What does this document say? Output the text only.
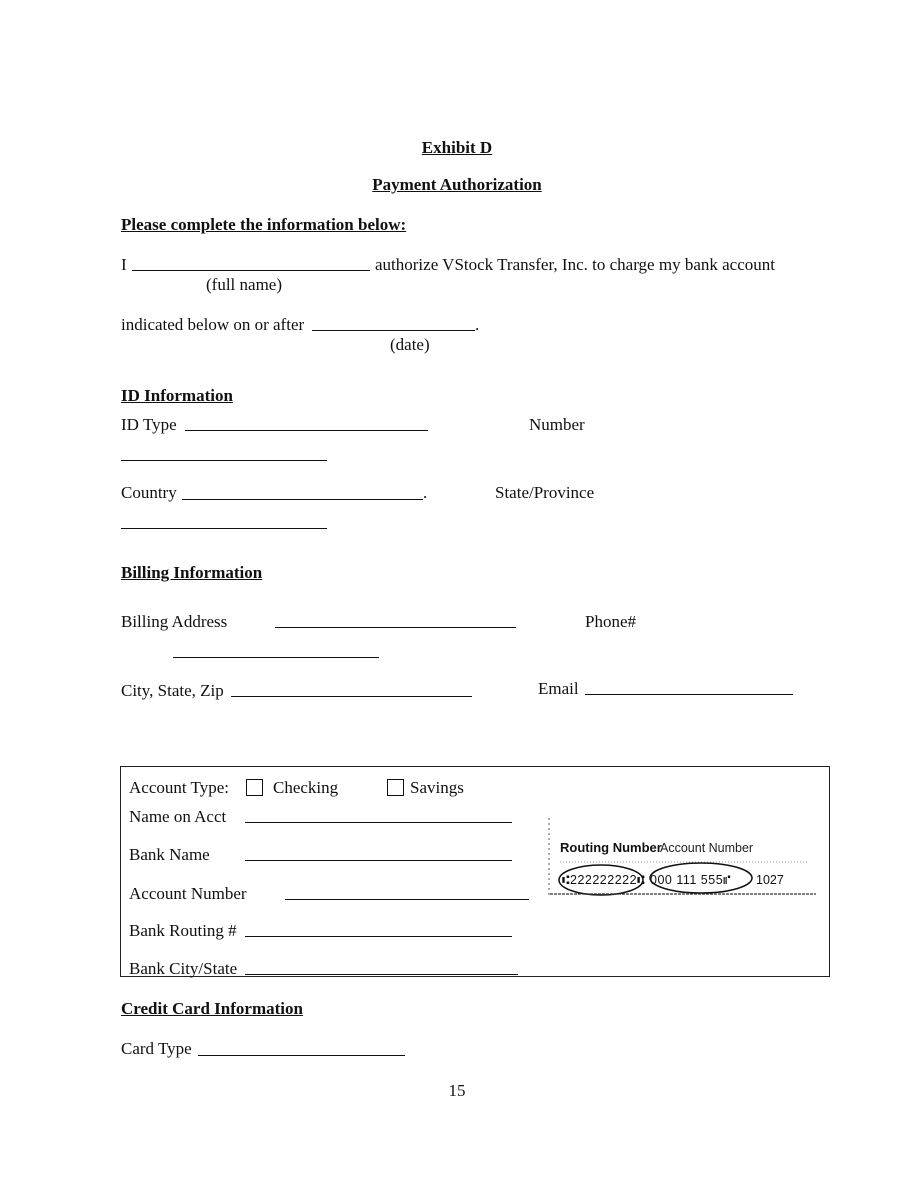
Exhibit D
Payment Authorization
Please complete the information below:
I	authorize VStock Transfer, Inc. to charge my bank account
(full name)
indicated below on or after	.
(date)
ID Information
ID Type	Number
Country	.	State/Province
Billing Information
Billing Address	Phone#
City, State, Zip	Email
Account Type:	Checking	Savings
Name on Acct
Bank Name
Account Number
Bank Routing #
Bank City/State
Routing Number
Account Number
⑆222222222⑆ 000 111 555⑈ 1027
Credit Card Information
Card Type
15
